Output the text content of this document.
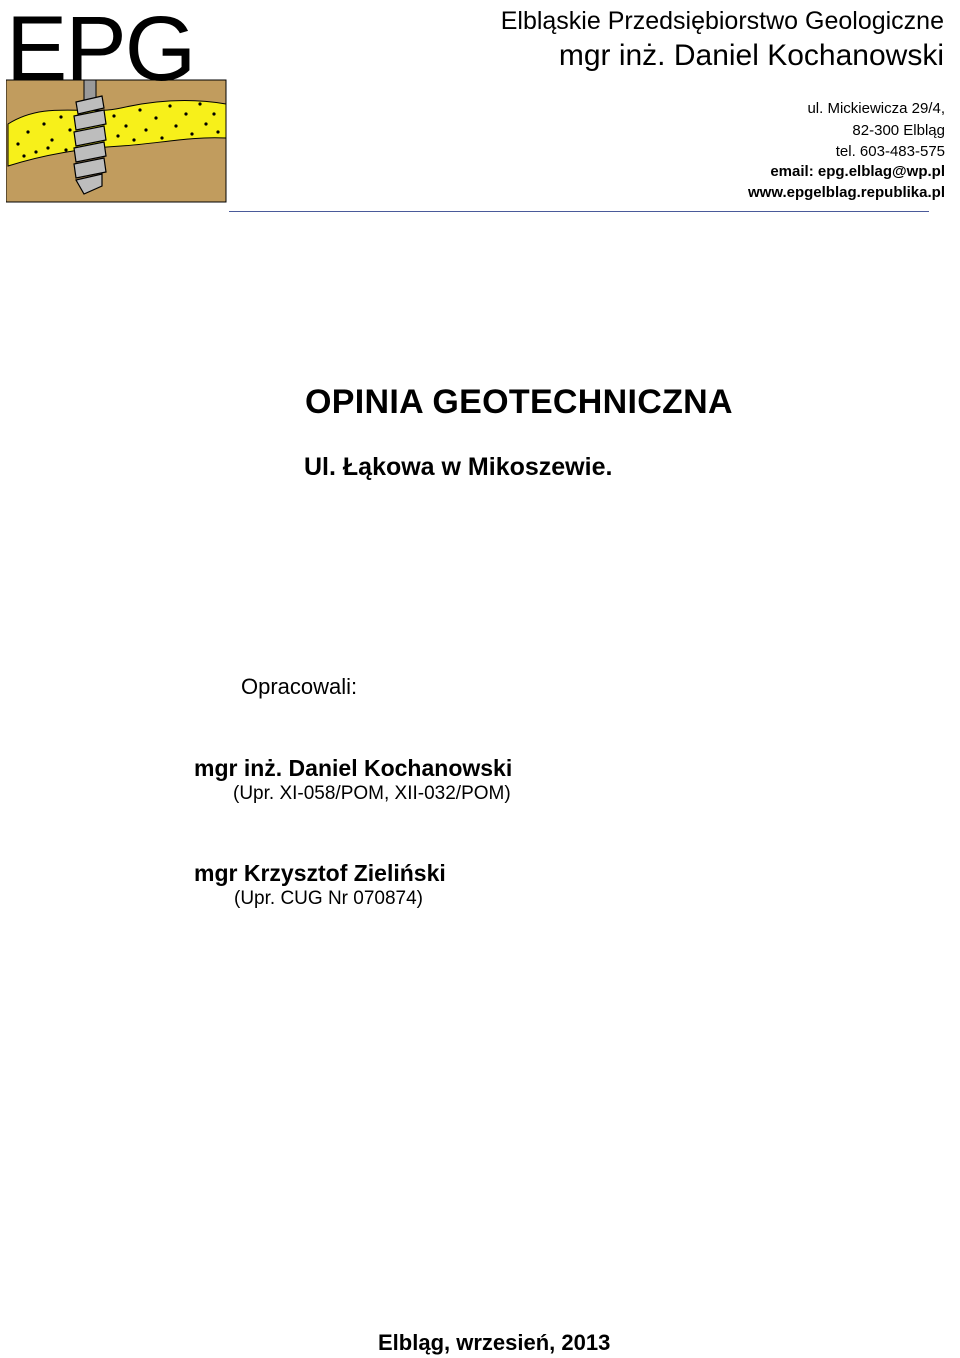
EPG	Elbląskie Przedsiębiorstwo Geologiczne
mgr inż. Daniel Kochanowski
ul. Mickiewicza 29/4,
82-300 Elbląg
tel. 603-483-575
email: epg.elblag@wp.pl
www.epgelblag.republika.pl
OPINIA GEOTECHNICZNA
Ul. Łąkowa w Mikoszewie.
Opracowali:
mgr inż. Daniel Kochanowski
(Upr. XI-058/POM, XII-032/POM)
mgr Krzysztof Zieliński
(Upr. CUG Nr 070874)
Elbląg, wrzesień, 2013
